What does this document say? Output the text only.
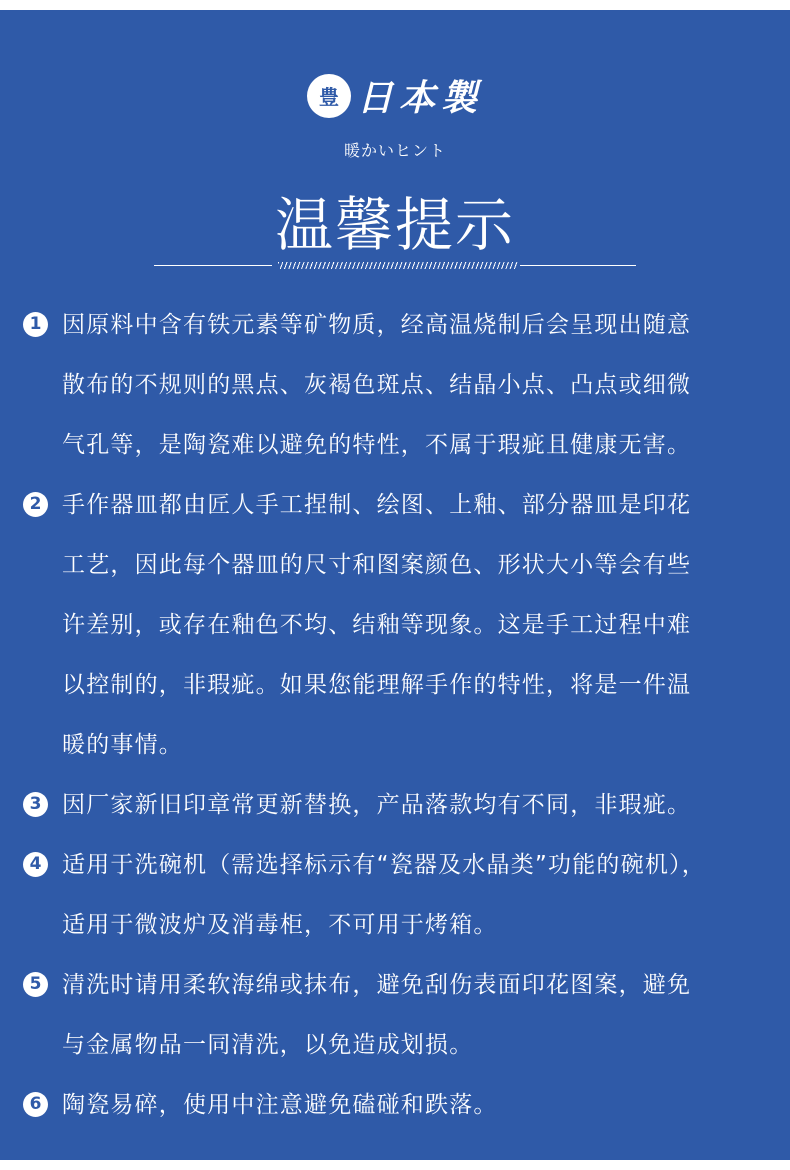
豊 日本製
暖かいヒント
温馨提示
1 因原料中含有铁元素等矿物质，经高温烧制后会呈现出随意
散布的不规则的黑点、灰褐色斑点、结晶小点、凸点或细微
气孔等，是陶瓷难以避免的特性，不属于瑕疵且健康无害。
2 手作器皿都由匠人手工捏制、绘图、上釉、部分器皿是印花
工艺，因此每个器皿的尺寸和图案颜色、形状大小等会有些
许差别，或存在釉色不均、结釉等现象。这是手工过程中难
以控制的，非瑕疵。如果您能理解手作的特性，将是一件温
暖的事情。
3 因厂家新旧印章常更新替换，产品落款均有不同，非瑕疵。
4 适用于洗碗机（需选择标示有“瓷器及水晶类”功能的碗机），
适用于微波炉及消毒柜，不可用于烤箱。
5 清洗时请用柔软海绵或抹布，避免刮伤表面印花图案，避免
与金属物品一同清洗，以免造成划损。
6 陶瓷易碎，使用中注意避免磕碰和跌落。
